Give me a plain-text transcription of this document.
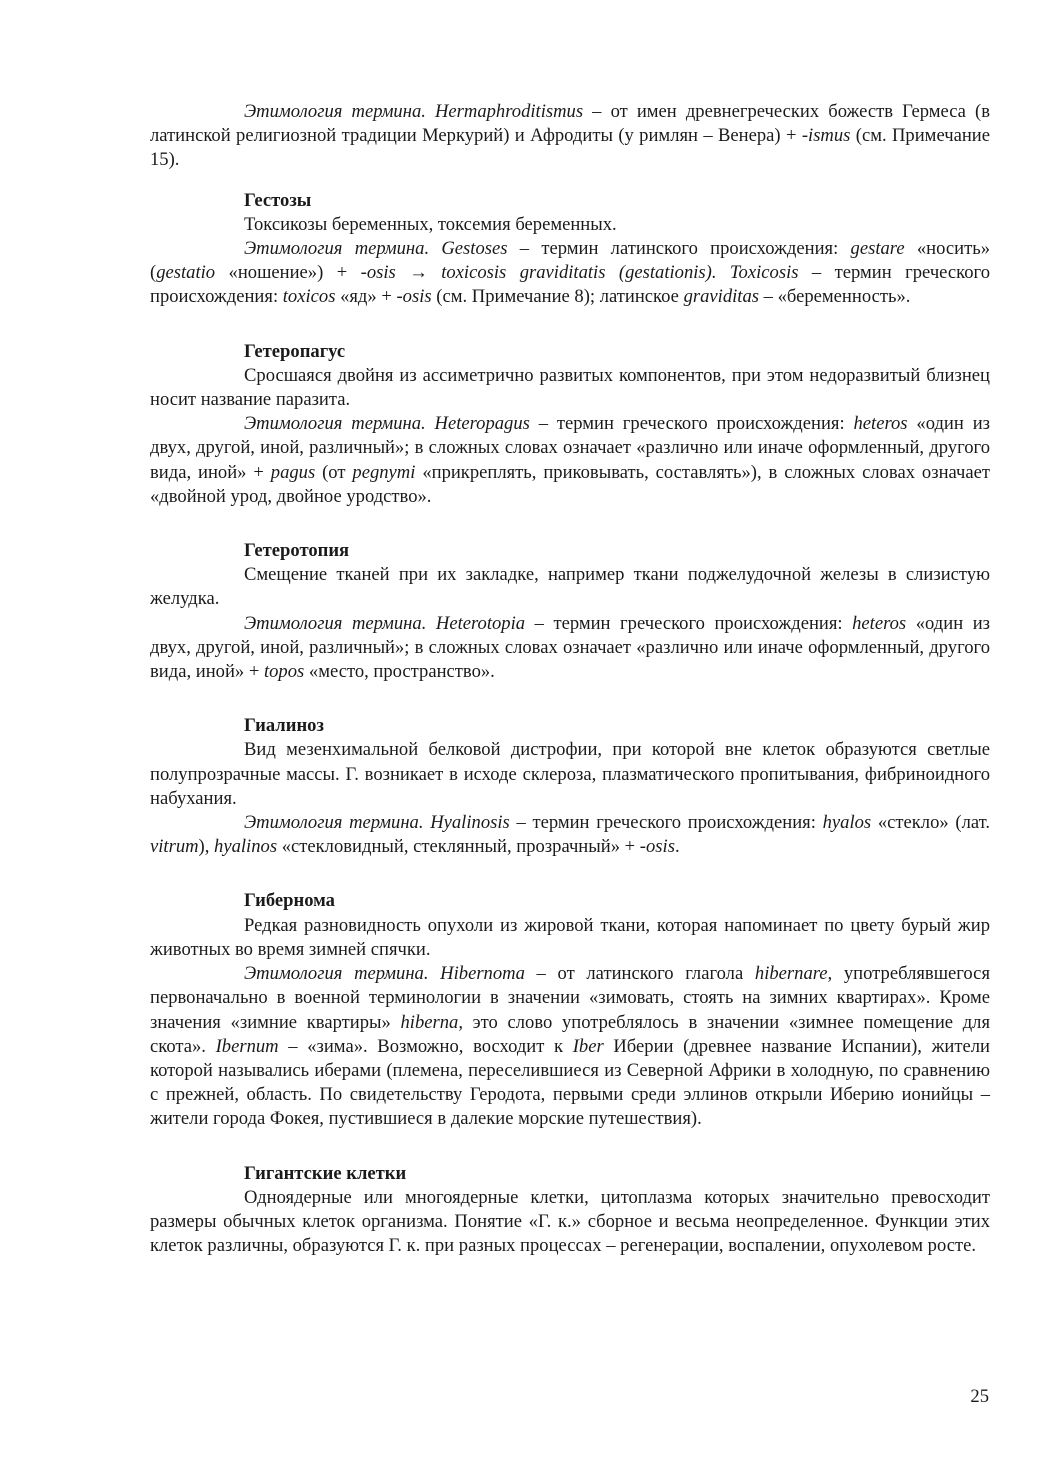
Этимология термина. Hermaphroditismus – от имен древнегреческих божеств Гермеса (в латинской религиозной традиции Меркурий) и Афродиты (у римлян – Венера) + -ismus (см. Примечание 15).

Гестозы

Токсикозы беременных, токсемия беременных.

Этимология термина. Gestoses – термин латинского происхождения: gestare «носить» (gestatio «ношение») + -osis → toxicosis graviditatis (gestationis). Toxicosis – термин греческого происхождения: toxicos «яд» + -osis (см. Примечание 8); латинское graviditas – «беременность».

Гетеропагус

Сросшаяся двойня из ассиметрично развитых компонентов, при этом недоразвитый близнец носит название паразита.

Этимология термина. Heteropagus – термин греческого происхождения: heteros «один из двух, другой, иной, различный»; в сложных словах означает «различно или иначе оформленный, другого вида, иной» + pagus (от pegnymi «прикреплять, приковывать, составлять»), в сложных словах означает «двойной урод, двойное уродство».

Гетеротопия

Смещение тканей при их закладке, например ткани поджелудочной железы в слизистую желудка.

Этимология термина. Heterotopia – термин греческого происхождения: heteros «один из двух, другой, иной, различный»; в сложных словах означает «различно или иначе оформленный, другого вида, иной» + topos «место, пространство».

Гиалиноз

Вид мезенхимальной белковой дистрофии, при которой вне клеток образуются светлые полупрозрачные массы. Г. возникает в исходе склероза, плазматического пропитывания, фибриноидного набухания.

Этимология термина. Hyalinosis – термин греческого происхождения: hyalos «стекло» (лат. vitrum), hyalinos «стекловидный, стеклянный, прозрачный» + -osis.

Гибернома

Редкая разновидность опухоли из жировой ткани, которая напоминает по цвету бурый жир животных во время зимней спячки.

Этимология термина. Hibernoma – от латинского глагола hibernare, употреблявшегося первоначально в военной терминологии в значении «зимовать, стоять на зимних квартирах». Кроме значения «зимние квартиры» hiberna, это слово употреблялось в значении «зимнее помещение для скота». Ibernum – «зима». Возможно, восходит к Iber Иберии (древнее название Испании), жители которой назывались иберами (племена, переселившиеся из Северной Африки в холодную, по сравнению с прежней, область. По свидетельству Геродота, первыми среди эллинов открыли Иберию ионийцы – жители города Фокея, пустившиеся в далекие морские путешествия).

Гигантские клетки

Одноядерные или многоядерные клетки, цитоплазма которых значительно превосходит размеры обычных клеток организма. Понятие «Г. к.» сборное и весьма неопределенное. Функции этих клеток различны, образуются Г. к. при разных процессах – регенерации, воспалении, опухолевом росте.

25
